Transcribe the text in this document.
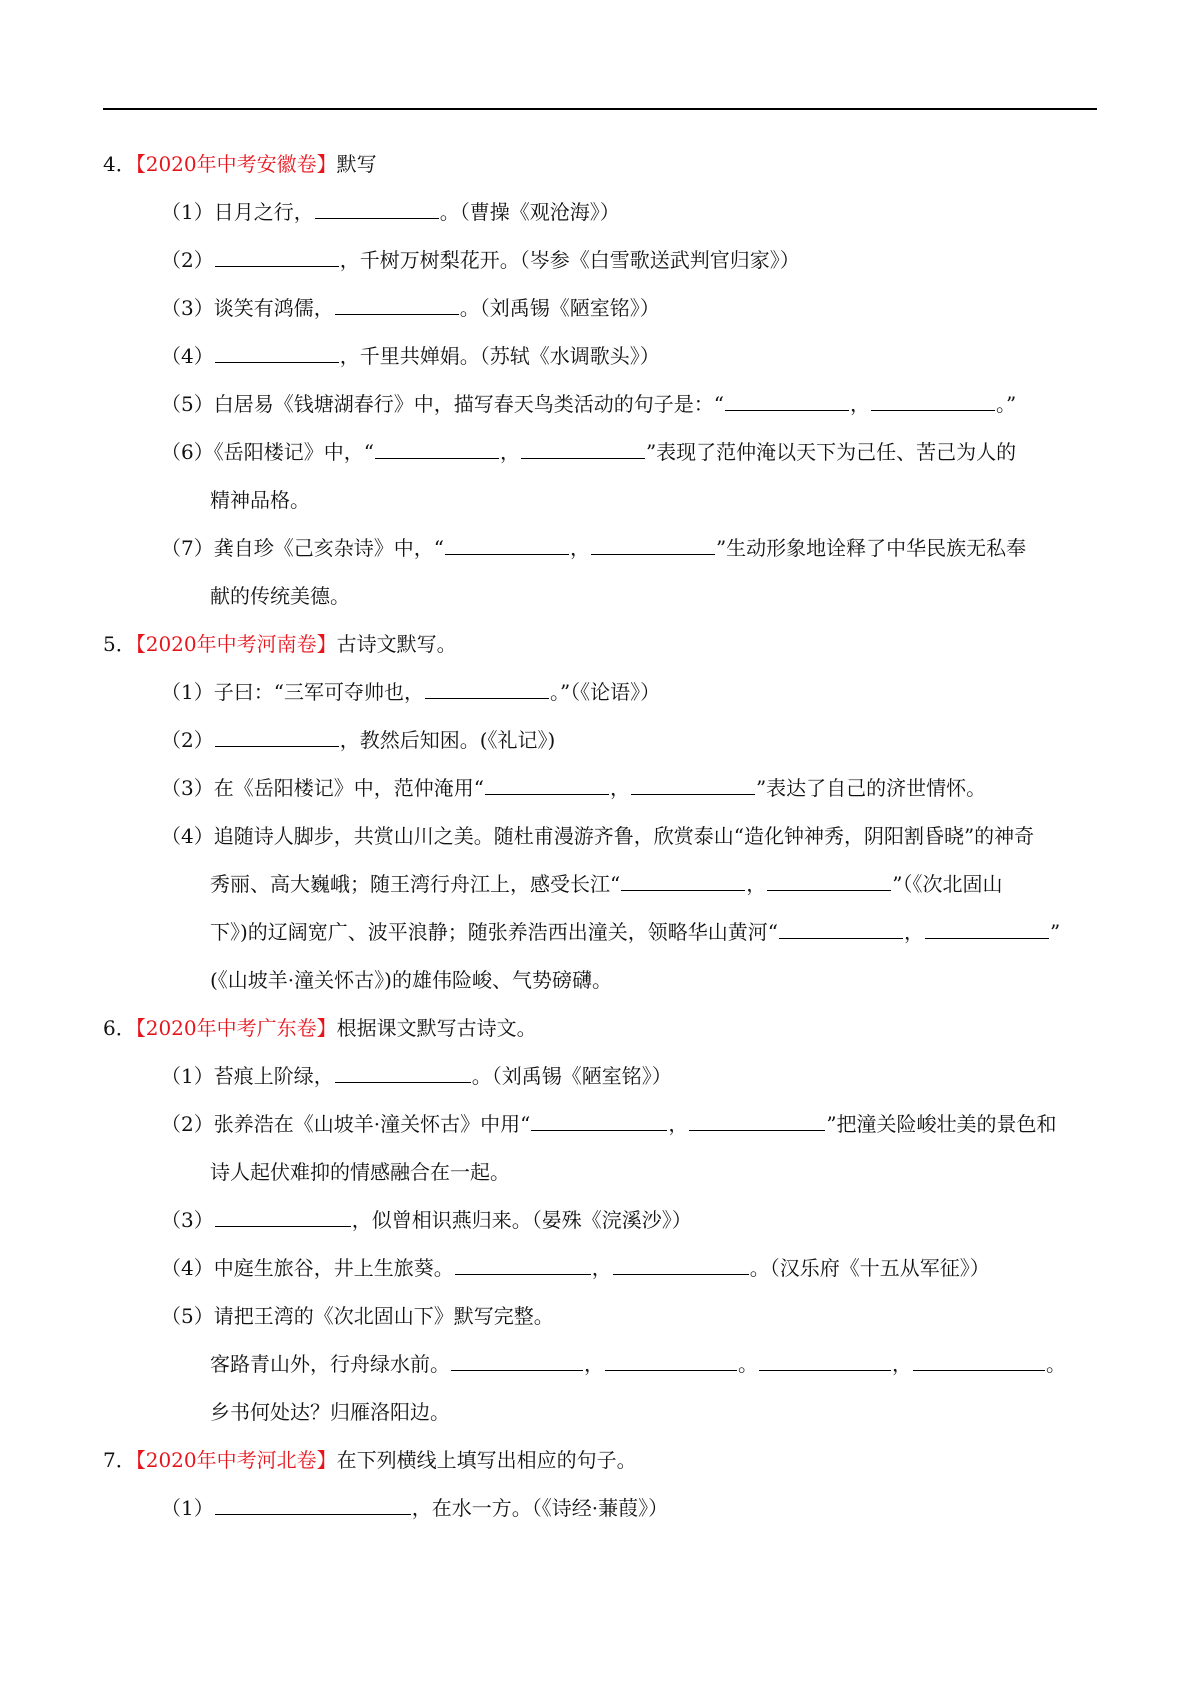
4．【2020年中考安徽卷】默写
（1）日月之行，	。（曹操《观沧海》）
（2）	，千树万树梨花开。（岑参《白雪歌送武判官归家》）
（3）谈笑有鸿儒，	。（刘禹锡《陋室铭》）
（4）	，千里共婵娟。（苏轼《水调歌头》）
（5）白居易《钱塘湖春行》中，描写春天鸟类活动的句子是：“	，	。”
（6）《岳阳楼记》中，“	，	”表现了范仲淹以天下为己任、苦己为人的
精神品格。
（7）龚自珍《己亥杂诗》中，“	，	”生动形象地诠释了中华民族无私奉
献的传统美德。
5．【2020年中考河南卷】古诗文默写。
（1）子曰：“三军可夺帅也，	。”（《论语》）
（2）	，教然后知困。(《礼记》)
（3）在《岳阳楼记》中，范仲淹用“	，	”表达了自己的济世情怀。
（4）追随诗人脚步，共赏山川之美。随杜甫漫游齐鲁，欣赏泰山“造化钟神秀，阴阳割昏晓”的神奇
秀丽、高大巍峨；随王湾行舟江上，感受长江“	，	”（《次北固山
下》)的辽阔宽广、波平浪静；随张养浩西出潼关，领略华山黄河“	，	”
(《山坡羊·潼关怀古》)的雄伟险峻、气势磅礴。
6．【2020年中考广东卷】根据课文默写古诗文。
（1）苔痕上阶绿，	。（刘禹锡《陋室铭》）
（2）张养浩在《山坡羊·潼关怀古》中用“	，	”把潼关险峻壮美的景色和
诗人起伏难抑的情感融合在一起。
（3）	，似曾相识燕归来。（晏殊《浣溪沙》）
（4）中庭生旅谷，井上生旅葵。	，	。（汉乐府《十五从军征》）
（5）请把王湾的《次北固山下》默写完整。
客路青山外，行舟绿水前。	，	。	，	。
乡书何处达？归雁洛阳边。
7．【2020年中考河北卷】在下列横线上填写出相应的句子。
（1）	，在水一方。（《诗经·蒹葭》）
